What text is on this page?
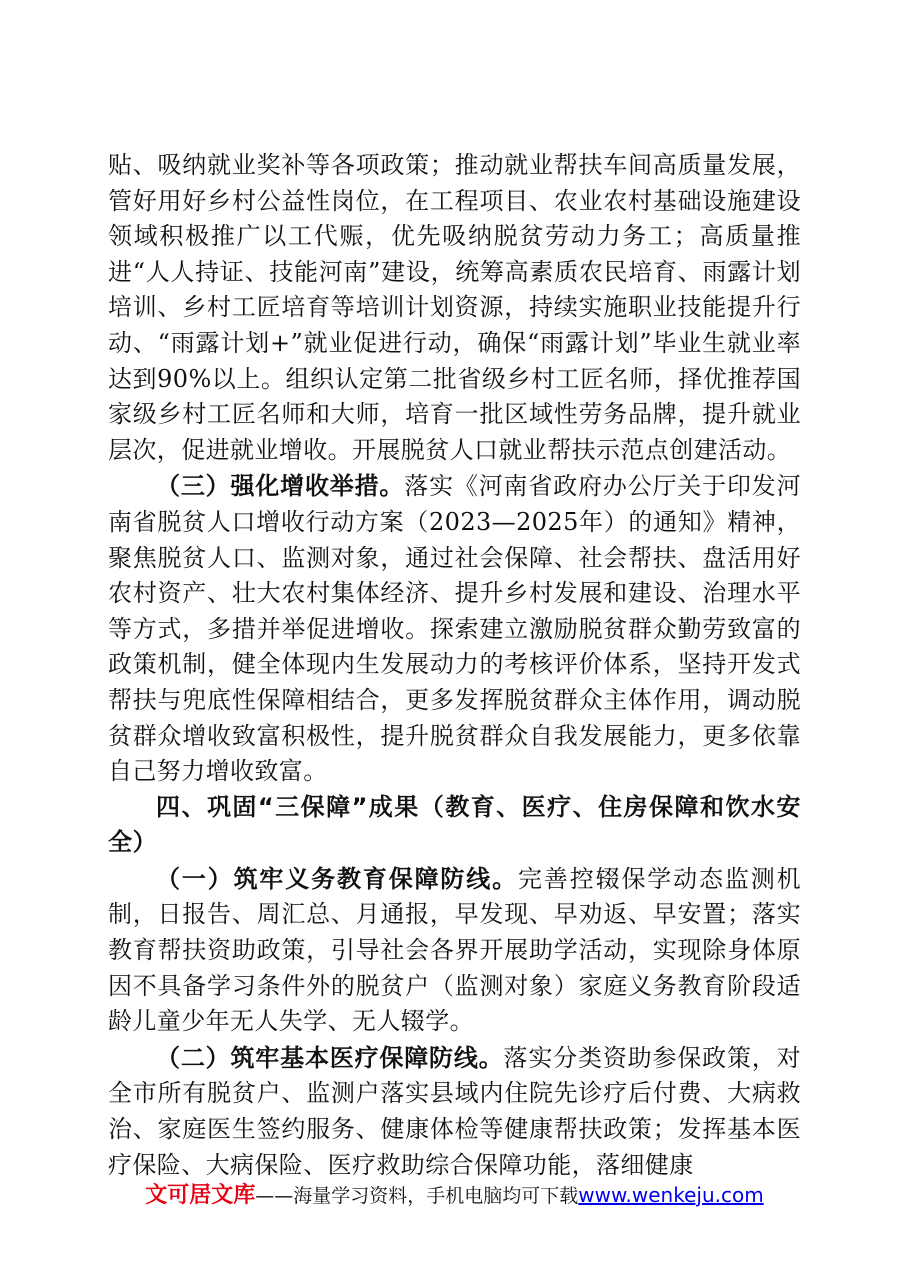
贴、吸纳就业奖补等各项政策；推动就业帮扶车间高质量发展，管好用好乡村公益性岗位，在工程项目、农业农村基础设施建设领域积极推广以工代赈，优先吸纳脱贫劳动力务工；高质量推进“人人持证、技能河南”建设，统筹高素质农民培育、雨露计划培训、乡村工匠培育等培训计划资源，持续实施职业技能提升行动、“雨露计划+”就业促进行动，确保“雨露计划”毕业生就业率达到90%以上。组织认定第二批省级乡村工匠名师，择优推荐国家级乡村工匠名师和大师，培育一批区域性劳务品牌，提升就业层次，促进就业增收。开展脱贫人口就业帮扶示范点创建活动。

（三）强化增收举措。落实《河南省政府办公厅关于印发河南省脱贫人口增收行动方案（2023—2025年）的通知》精神， 聚焦脱贫人口、监测对象，通过社会保障、社会帮扶、盘活用好农村资产、壮大农村集体经济、提升乡村发展和建设、治理水平等方式，多措并举促进增收。探索建立激励脱贫群众勤劳致富的政策机制，健全体现内生发展动力的考核评价体系，坚持开发式帮扶与兜底性保障相结合，更多发挥脱贫群众主体作用，调动脱贫群众增收致富积极性，提升脱贫群众自我发展能力，更多依靠自己努力增收致富。

四、巩固“三保障”成果（教育、医疗、住房保障和饮水安全）

（一）筑牢义务教育保障防线。完善控辍保学动态监测机制，日报告、周汇总、月通报，早发现、早劝返、早安置；落实教育帮扶资助政策，引导社会各界开展助学活动，实现除身体原因不具备学习条件外的脱贫户（监测对象）家庭义务教育阶段适龄儿童少年无人失学、无人辍学。

（二）筑牢基本医疗保障防线。落实分类资助参保政策，对全市所有脱贫户、监测户落实县域内住院先诊疗后付费、大病救治、家庭医生签约服务、健康体检等健康帮扶政策；发挥基本医疗保险、大病保险、医疗救助综合保障功能，落细健康

文可居文库——海量学习资料，手机电脑均可下载www.wenkeju.com
